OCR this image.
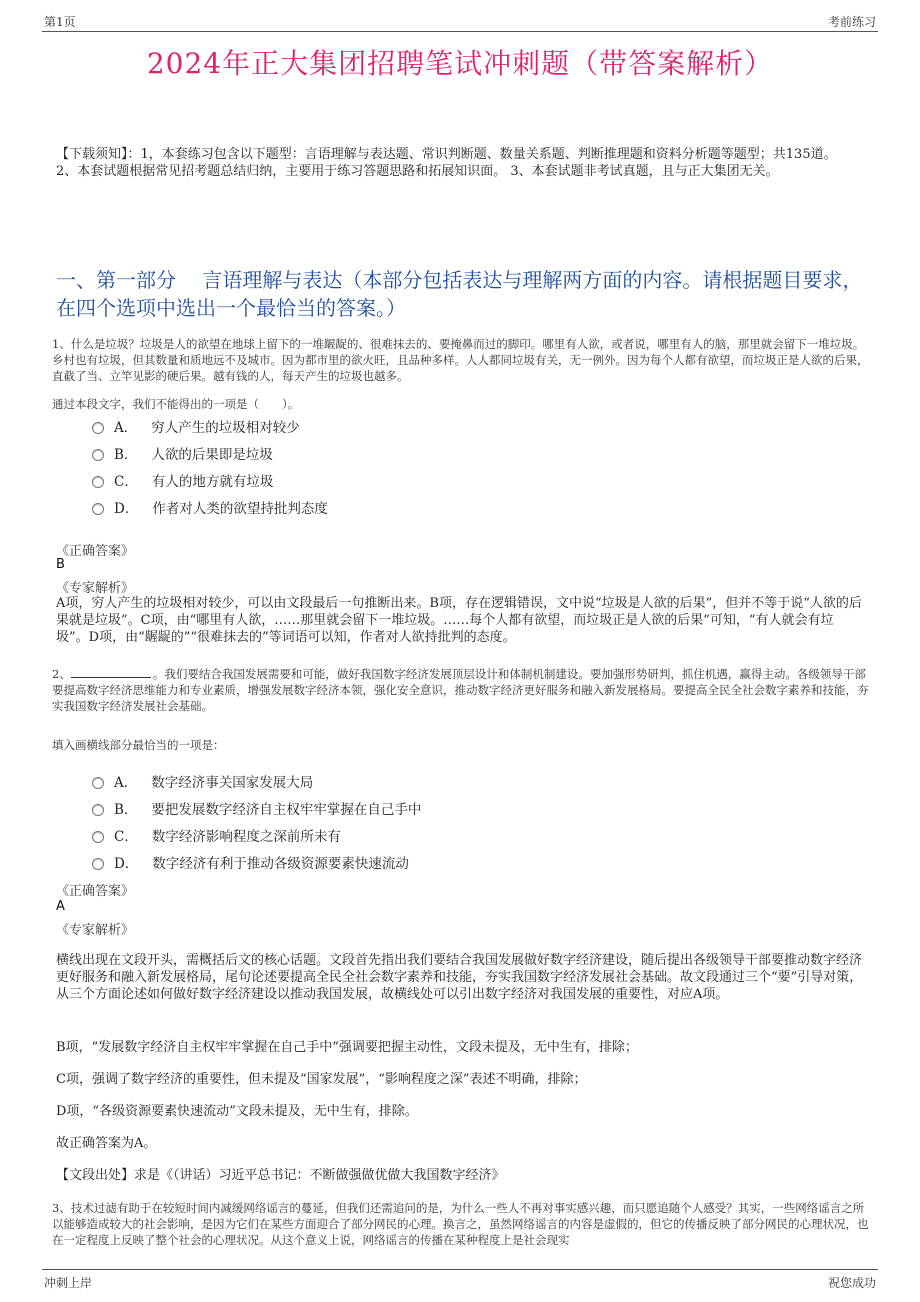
第1页	考前练习
2024年正大集团招聘笔试冲刺题（带答案解析）
【下载须知】：1，本套练习包含以下题型：言语理解与表达题、常识判断题、数量关系题、判断推理题和资料分析题等题型；共135道。 2、本套试题根据常见招考题总结归纳，主要用于练习答题思路和拓展知识面。 3、本套试题非考试真题，且与正大集团无关。
一、第一部分　 言语理解与表达（本部分包括表达与理解两方面的内容。请根据题目要求，在四个选项中选出一个最恰当的答案。）
1、什么是垃圾？垃圾是人的欲望在地球上留下的一堆龌龊的、很难抹去的、要掩鼻而过的脚印。哪里有人欲，或者说，哪里有人的脑，那里就会留下一堆垃圾。乡村也有垃圾，但其数量和质地远不及城市。因为都市里的欲火旺，且品种多样。人人都同垃圾有关，无一例外。因为每个人都有欲望，而垃圾正是人欲的后果，直截了当、立竿见影的硬后果。越有钱的人，每天产生的垃圾也越多。
通过本段文字，我们不能得出的一项是（　　）。
A． 穷人产生的垃圾相对较少
B． 人欲的后果即是垃圾
C． 有人的地方就有垃圾
D． 作者对人类的欲望持批判态度
《正确答案》
B
《专家解析》
A项，穷人产生的垃圾相对较少，可以由文段最后一句推断出来。B项，存在逻辑错误，文中说“垃圾是人欲的后果”，但并不等于说“人欲的后果就是垃圾”。C项，由“哪里有人欲，……那里就会留下一堆垃圾。……每个人都有欲望，而垃圾正是人欲的后果”可知，“有人就会有垃圾”。D项，由“龌龊的”“很难抹去的”等词语可以知，作者对人欲持批判的态度。
2、	。我们要结合我国发展需要和可能，做好我国数字经济发展顶层设计和体制机制建设。要加强形势研判，抓住机遇，赢得主动。各级领导干部要提高数字经济思维能力和专业素质，增强发展数字经济本领，强化安全意识，推动数字经济更好服务和融入新发展格局。要提高全民全社会数字素养和技能，夯实我国数字经济发展社会基础。
填入画横线部分最恰当的一项是：
A． 数字经济事关国家发展大局
B． 要把发展数字经济自主权牢牢掌握在自己手中
C． 数字经济影响程度之深前所未有
D． 数字经济有利于推动各级资源要素快速流动
《正确答案》
A
《专家解析》
横线出现在文段开头，需概括后文的核心话题。文段首先指出我们要结合我国发展做好数字经济建设，随后提出各级领导干部要推动数字经济更好服务和融入新发展格局，尾句论述要提高全民全社会数字素养和技能，夯实我国数字经济发展社会基础。故文段通过三个“要”引导对策，从三个方面论述如何做好数字经济建设以推动我国发展，故横线处可以引出数字经济对我国发展的重要性，对应A项。
B项，“发展数字经济自主权牢牢掌握在自己手中”强调要把握主动性，文段未提及，无中生有，排除；
C项，强调了数字经济的重要性，但未提及“国家发展”，“影响程度之深”表述不明确，排除；
D项，“各级资源要素快速流动”文段未提及，无中生有，排除。
故正确答案为A。
【文段出处】求是《（讲话）习近平总书记：不断做强做优做大我国数字经济》
3、技术过滤有助于在较短时间内减缓网络谣言的蔓延，但我们还需追问的是，为什么一些人不再对事实感兴趣，而只愿追随个人感受？其实，一些网络谣言之所以能够造成较大的社会影响，是因为它们在某些方面迎合了部分网民的心理。换言之，虽然网络谣言的内容是虚假的，但它的传播反映了部分网民的心理状况，也在一定程度上反映了整个社会的心理状况。从这个意义上说，网络谣言的传播在某种程度上是社会现实
冲刺上岸	祝您成功
